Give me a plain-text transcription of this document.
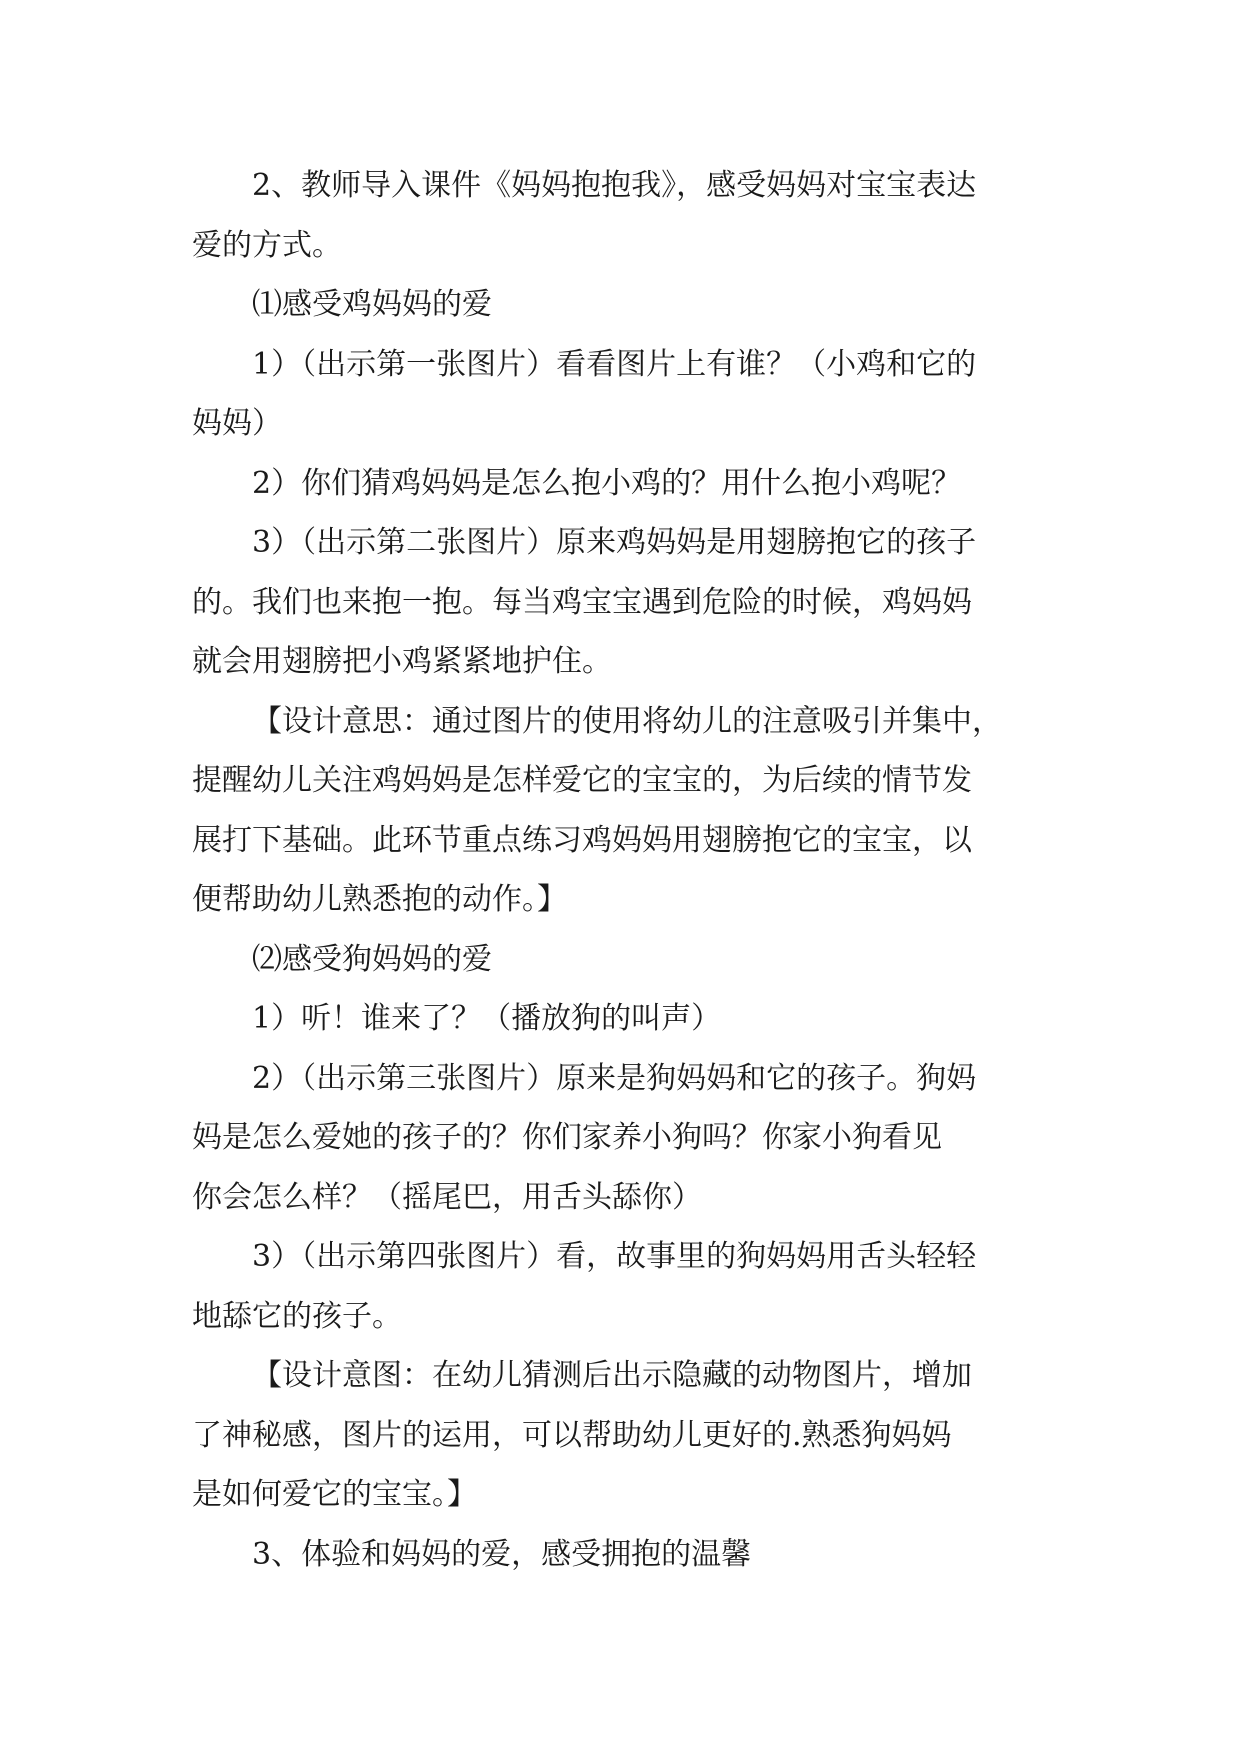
2、教师导入课件《妈妈抱抱我》，感受妈妈对宝宝表达
爱的方式。

⑴感受鸡妈妈的爱

1）（出示第一张图片）看看图片上有谁？（小鸡和它的
妈妈）

2）你们猜鸡妈妈是怎么抱小鸡的？用什么抱小鸡呢？

3）（出示第二张图片）原来鸡妈妈是用翅膀抱它的孩子
的。我们也来抱一抱。每当鸡宝宝遇到危险的时候，鸡妈妈
就会用翅膀把小鸡紧紧地护住。

【设计意思：通过图片的使用将幼儿的注意吸引并集中，
提醒幼儿关注鸡妈妈是怎样爱它的宝宝的，为后续的情节发
展打下基础。此环节重点练习鸡妈妈用翅膀抱它的宝宝，以
便帮助幼儿熟悉抱的动作。】

⑵感受狗妈妈的爱

1）听！谁来了？（播放狗的叫声）

2）（出示第三张图片）原来是狗妈妈和它的孩子。狗妈
妈是怎么爱她的孩子的？你们家养小狗吗？你家小狗看见
你会怎么样？（摇尾巴，用舌头舔你）

3）（出示第四张图片）看，故事里的狗妈妈用舌头轻轻
地舔它的孩子。

【设计意图：在幼儿猜测后出示隐藏的动物图片，增加
了神秘感，图片的运用，可以帮助幼儿更好的.熟悉狗妈妈
是如何爱它的宝宝。】

3、体验和妈妈的爱，感受拥抱的温馨
